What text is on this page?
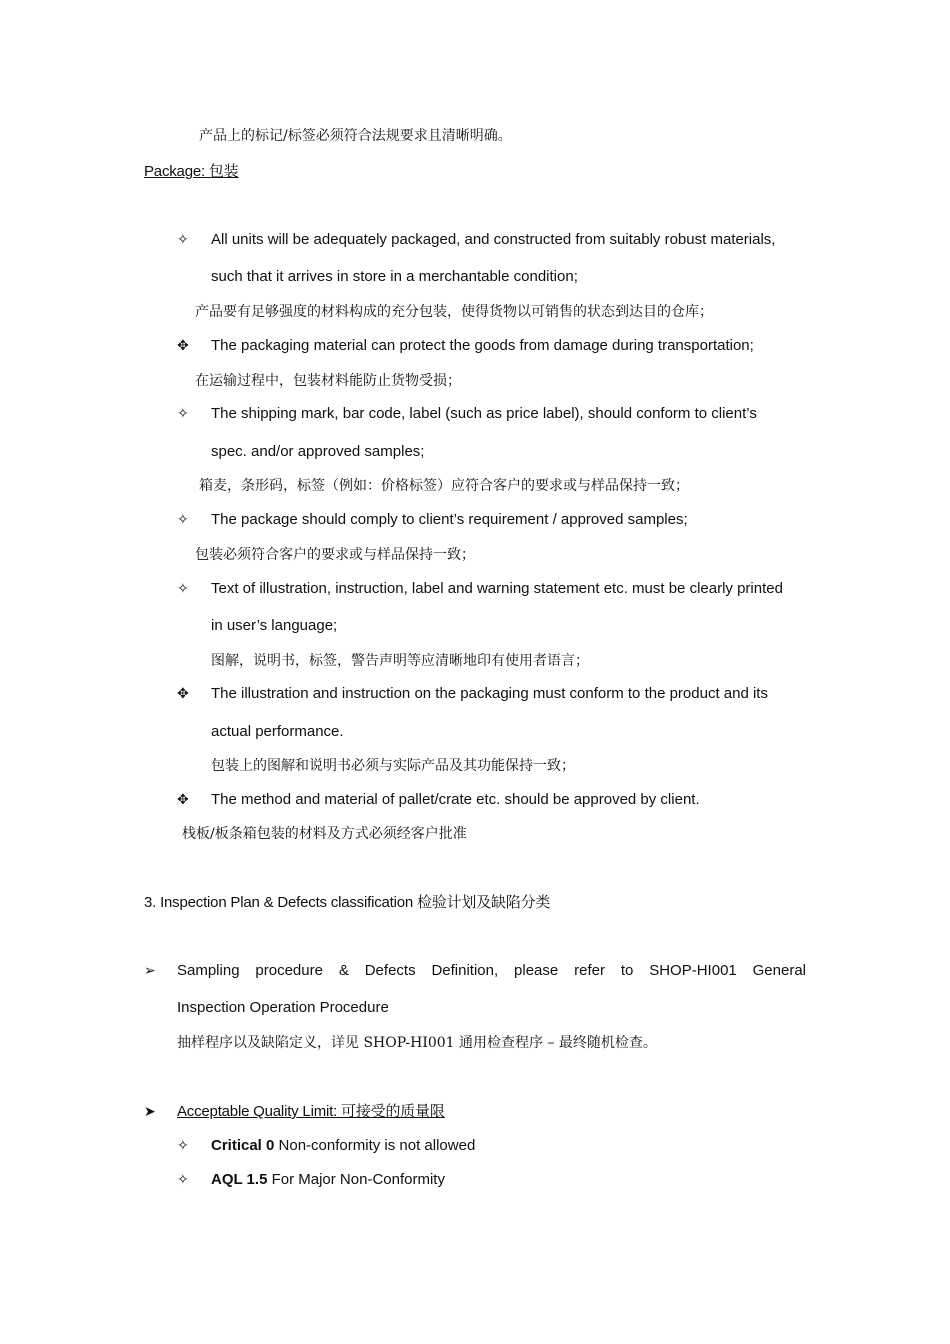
产品上的标记/标签必须符合法规要求且清晰明确。
Package: 包装
✧ All units will be adequately packaged, and constructed from suitably robust materials,
such that it arrives in store in a merchantable condition;
产品要有足够强度的材料构成的充分包装，使得货物以可销售的状态到达目的仓库；
✥ The packaging material can protect the goods from damage during transportation;
在运输过程中，包装材料能防止货物受损；
✧ The shipping mark, bar code, label (such as price label), should conform to client’s
spec. and/or approved samples;
箱麦，条形码，标签（例如：价格标签）应符合客户的要求或与样品保持一致；
✧ The package should comply to client’s requirement / approved samples;
包装必须符合客户的要求或与样品保持一致；
✧ Text of illustration, instruction, label and warning statement etc. must be clearly printed
in user’s language;
图解，说明书，标签，警告声明等应清晰地印有使用者语言；
✥ The illustration and instruction on the packaging must conform to the product and its
actual performance.
包装上的图解和说明书必须与实际产品及其功能保持一致；
✥ The method and material of pallet/crate etc. should be approved by client.
栈板/板条箱包装的材料及方式必须经客户批准
3. Inspection Plan & Defects classification 检验计划及缺陷分类
➢ Sampling procedure & Defects Definition, please refer to SHOP-HI001 General
Inspection Operation Procedure
抽样程序以及缺陷定义，详见 SHOP-HI001 通用检查程序 – 最终随机检查。
➤ Acceptable Quality Limit: 可接受的质量限
✧ Critical 0 Non-conformity is not allowed
✧ AQL 1.5 For Major Non-Conformity
